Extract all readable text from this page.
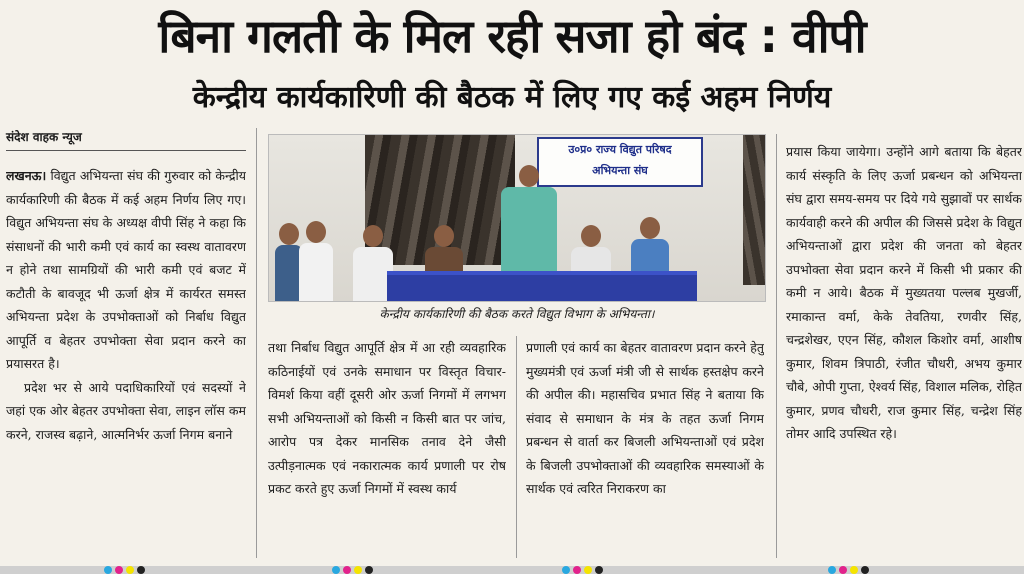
बिना गलती के मिल रही सजा हो बंद : वीपी
केन्द्रीय कार्यकारिणी की बैठक में लिए गए कई अहम निर्णय
संदेश वाहक न्यूज

लखनऊ। विद्युत अभियन्ता संघ की गुरुवार को केन्द्रीय कार्यकारिणी की बैठक में कई अहम निर्णय लिए गए। विद्युत अभियन्ता संघ के अध्यक्ष वीपी सिंह ने कहा कि संसाधनों की भारी कमी एवं कार्य का स्वस्थ वातावरण न होने तथा सामग्रियों की भारी कमी एवं बजट में कटौती के बावजूद भी ऊर्जा क्षेत्र में कार्यरत समस्त अभियन्ता प्रदेश के उपभोक्ताओं को निर्बाध विद्युत आपूर्ति व बेहतर उपभोक्ता सेवा प्रदान करने का प्रयासरत है।

प्रदेश भर से आये पदाधिकारियों एवं सदस्यों ने जहां एक ओर बेहतर उपभोक्ता सेवा, लाइन लॉस कम करने, राजस्व बढ़ाने, आत्मनिर्भर ऊर्जा निगम बनाने

उ०प्र० राज्य विद्युत परिषद
अभियन्ता संघ
केन्द्रीय कार्यकारिणी की बैठक करते विद्युत विभाग के अभियन्ता।

तथा निर्बाध विद्युत आपूर्ति क्षेत्र में आ रही व्यवहारिक कठिनाईयों एवं उनके समाधान पर विस्तृत विचार-विमर्श किया वहीं दूसरी ओर ऊर्जा निगमों में लगभग सभी अभियन्ताओं को किसी न किसी बात पर जांच, आरोप पत्र देकर मानसिक तनाव देने जैसी उत्पीड़नात्मक एवं नकारात्मक कार्य प्रणाली पर रोष प्रकट करते हुए ऊर्जा निगमों में स्वस्थ कार्य

प्रणाली एवं कार्य का बेहतर वातावरण प्रदान करने हेतु मुख्यमंत्री एवं ऊर्जा मंत्री जी से सार्थक हस्तक्षेप करने की अपील की। महासचिव प्रभात सिंह ने बताया कि संवाद से समाधान के मंत्र के तहत ऊर्जा निगम प्रबन्धन से वार्ता कर बिजली अभियन्ताओं एवं प्रदेश के बिजली उपभोक्ताओं की व्यवहारिक समस्याओं के सार्थक एवं त्वरित निराकरण का

प्रयास किया जायेगा। उन्होंने आगे बताया कि बेहतर कार्य संस्कृति के लिए ऊर्जा प्रबन्धन को अभियन्ता संघ द्वारा समय-समय पर दिये गये सुझावों पर सार्थक कार्यवाही करने की अपील की जिससे प्रदेश के विद्युत अभियन्ताओं द्वारा प्रदेश की जनता को बेहतर उपभोक्ता सेवा प्रदान करने में किसी भी प्रकार की कमी न आये। बैठक में मुख्यतया पल्लब मुखर्जी, रमाकान्त वर्मा, केके तेवतिया, रणवीर सिंह, चन्द्रशेखर, एएन सिंह, कौशल किशोर वर्मा, आशीष कुमार, शिवम त्रिपाठी, रंजीत चौधरी, अभय कुमार चौबे, ओपी गुप्ता, ऐश्वर्य सिंह, विशाल मलिक, रोहित कुमार, प्रणव चौधरी, राज कुमार सिंह, चन्द्रेश सिंह तोमर आदि उपस्थित रहे।
